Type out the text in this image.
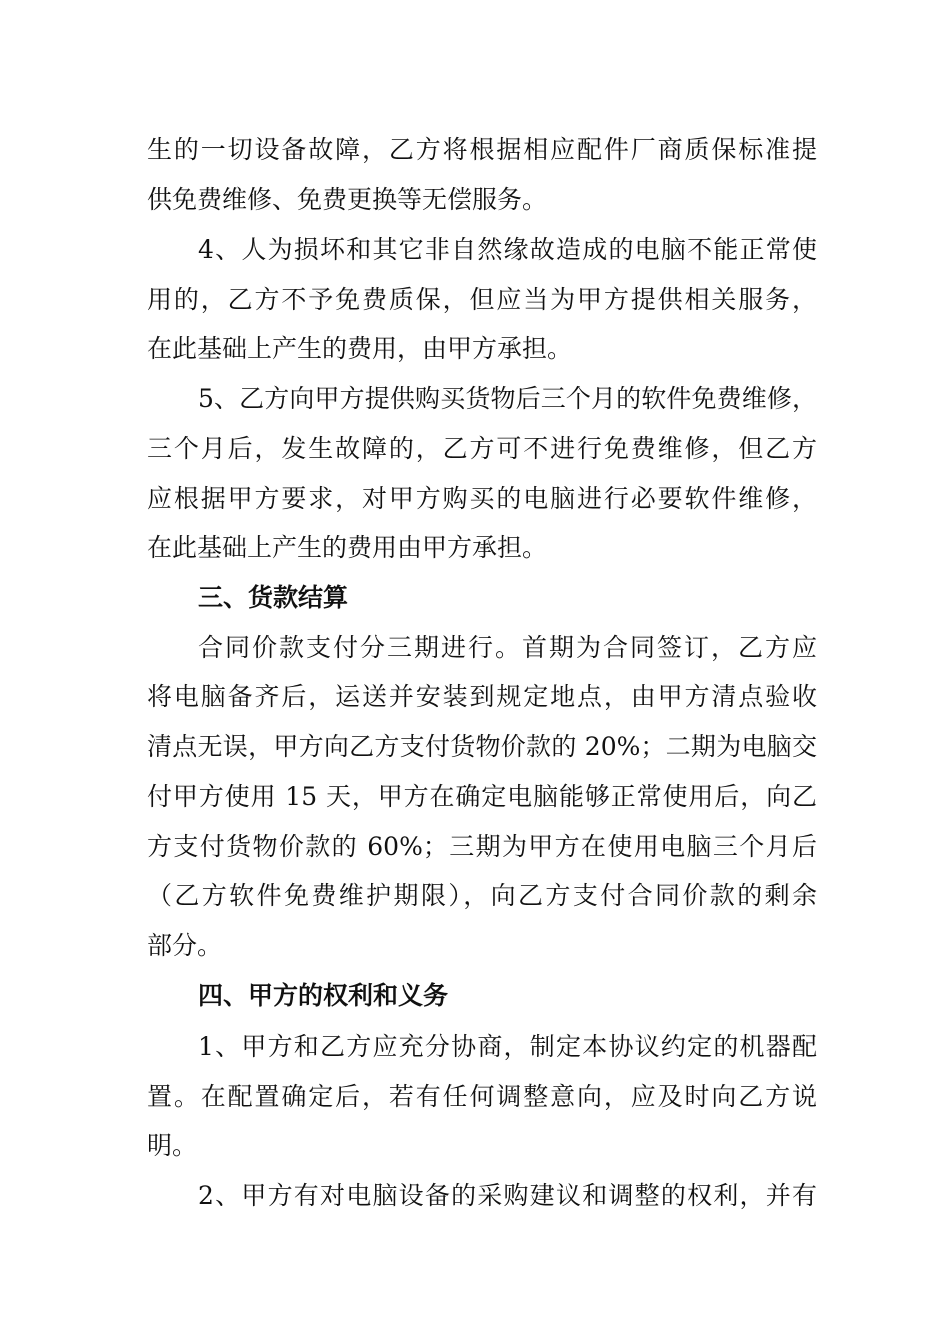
生的一切设备故障，乙方将根据相应配件厂商质保标准提
供免费维修、免费更换等无偿服务。
4、人为损坏和其它非自然缘故造成的电脑不能正常使
用的，乙方不予免费质保，但应当为甲方提供相关服务，
在此基础上产生的费用，由甲方承担。
5、乙方向甲方提供购买货物后三个月的软件免费维修，
三个月后，发生故障的，乙方可不进行免费维修，但乙方
应根据甲方要求，对甲方购买的电脑进行必要软件维修，
在此基础上产生的费用由甲方承担。
三、货款结算
合同价款支付分三期进行。首期为合同签订，乙方应
将电脑备齐后，运送并安装到规定地点，由甲方清点验收
清点无误，甲方向乙方支付货物价款的 20%；二期为电脑交
付甲方使用 15 天，甲方在确定电脑能够正常使用后，向乙
方支付货物价款的 60%；三期为甲方在使用电脑三个月后
（乙方软件免费维护期限），向乙方支付合同价款的剩余
部分。
四、甲方的权利和义务
1、甲方和乙方应充分协商，制定本协议约定的机器配
置。在配置确定后，若有任何调整意向，应及时向乙方说
明。
2、甲方有对电脑设备的采购建议和调整的权利，并有
